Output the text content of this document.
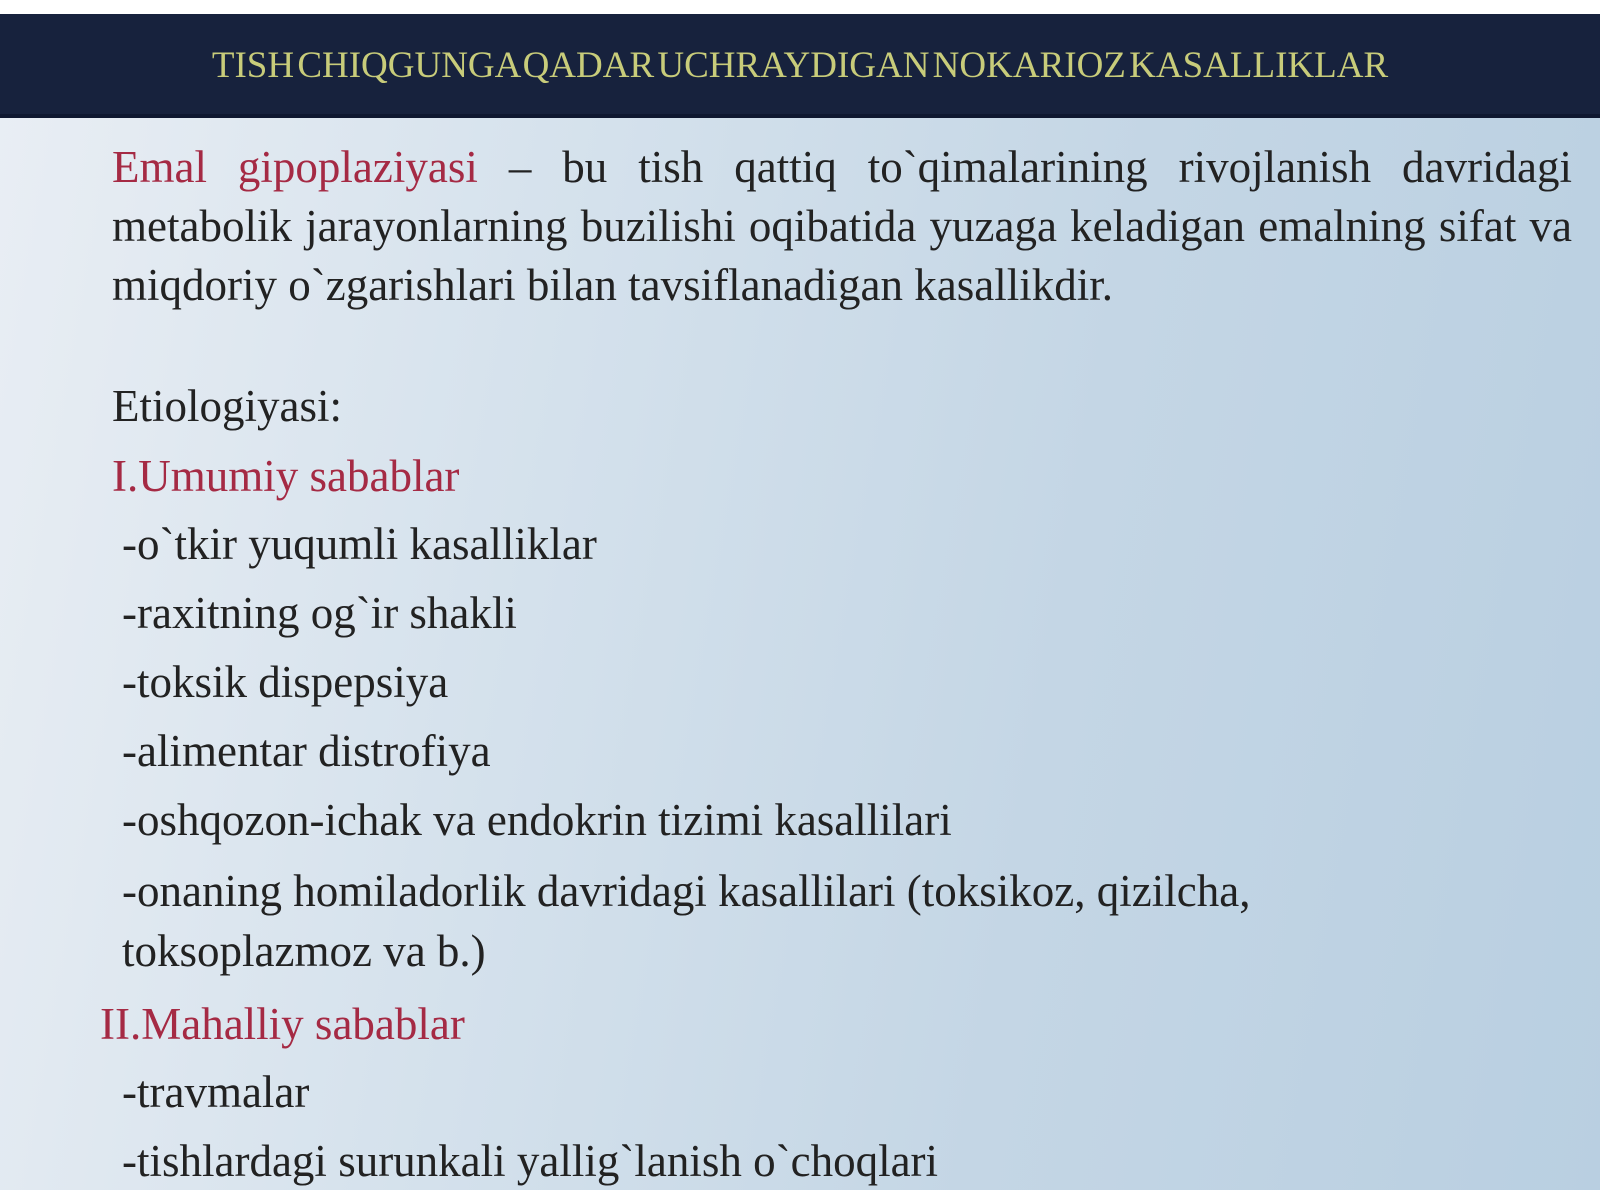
TISH CHIQGUNGA QADAR UCHRAYDIGAN NOKARIOZ KASALLIKLAR

Emal gipoplaziyasi – bu tish qattiq to`qimalarining rivojlanish davridagi metabolik jarayonlarning buzilishi oqibatida yuzaga keladigan emalning sifat va miqdoriy o`zgarishlari bilan tavsiflanadigan kasallikdir.

Etiologiyasi:

I.Umumiy sabablar

-o`tkir yuqumli kasalliklar
-raxitning og`ir shakli
-toksik dispepsiya
-alimentar distrofiya
-oshqozon-ichak va endokrin tizimi kasallilari
-onaning homiladorlik davridagi kasallilari (toksikoz, qizilcha, toksoplazmoz va b.)

II.Mahalliy sabablar

-travmalar
-tishlardagi surunkali yallig`lanish o`choqlari
